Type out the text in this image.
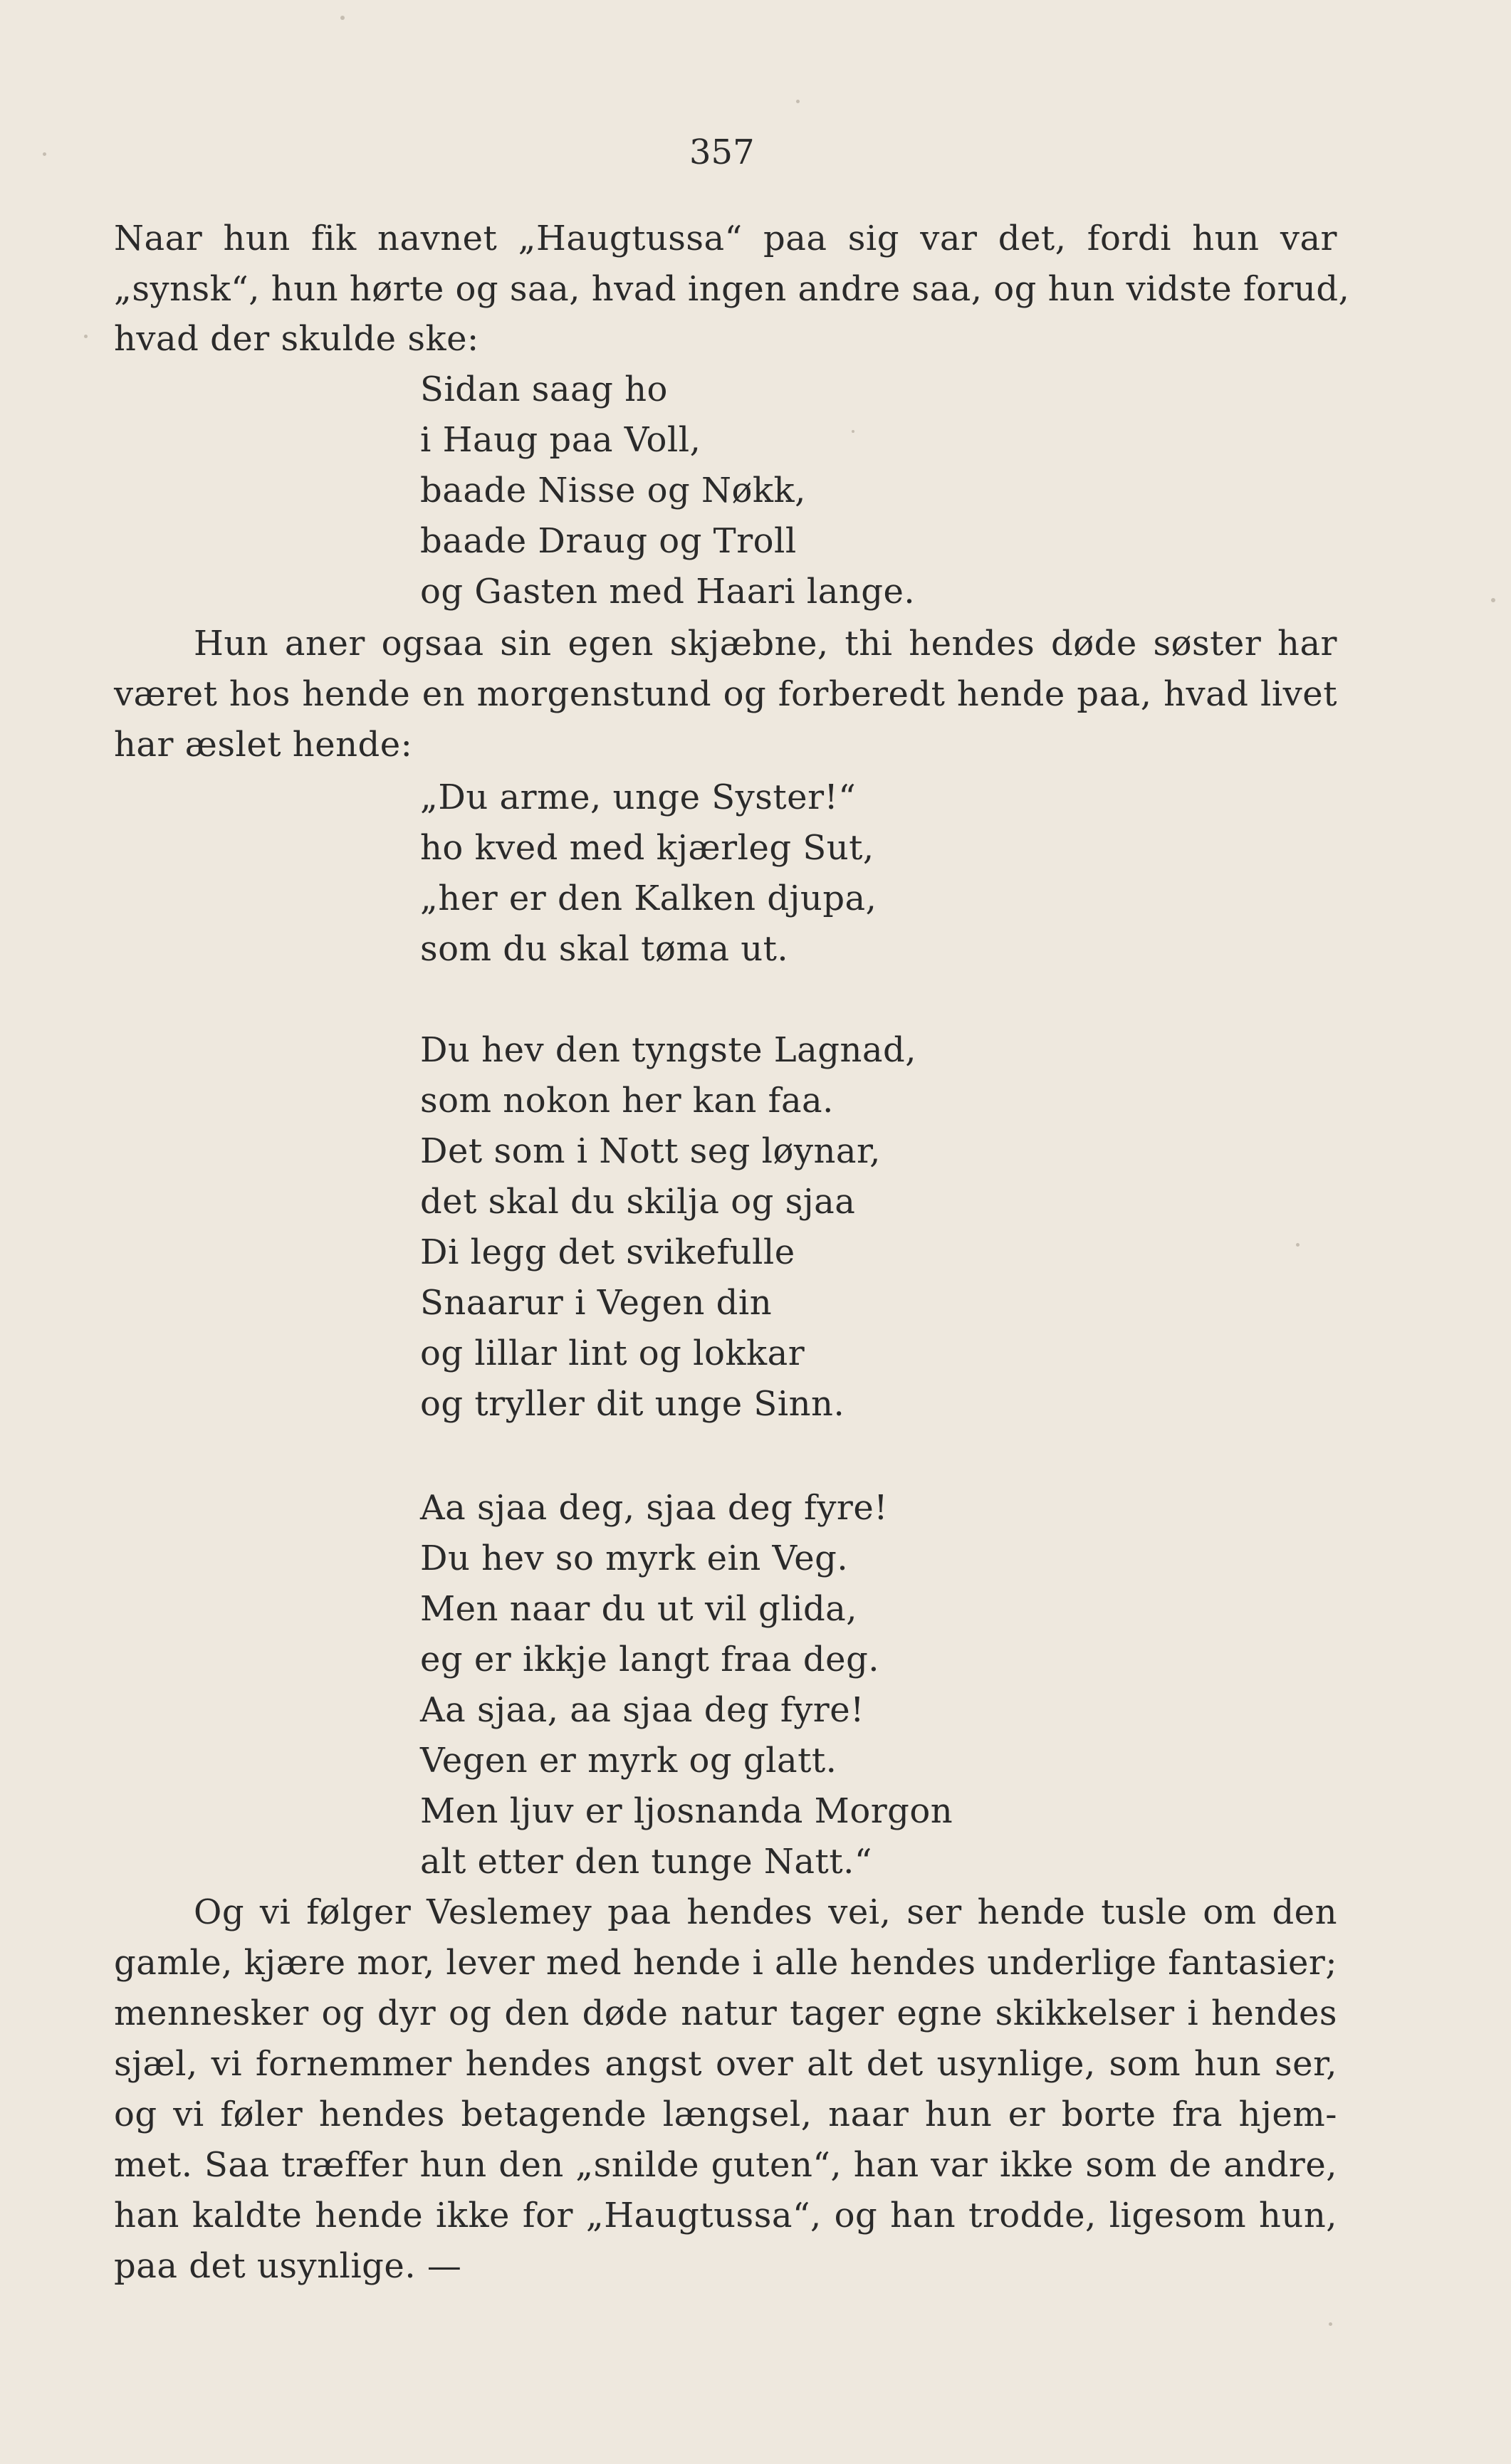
357
Naar hun fik navnet „Haugtussa“ paa sig var det, fordi hun var
„synsk“, hun hørte og saa, hvad ingen andre saa, og hun vidste forud,
hvad der skulde ske:
Sidan saag ho
i Haug paa Voll,
baade Nisse og Nøkk,
baade Draug og Troll
og Gasten med Haari lange.
Hun aner ogsaa sin egen skjæbne, thi hendes døde søster har
været hos hende en morgenstund og forberedt hende paa, hvad livet
har æslet hende:
„Du arme, unge Syster!“
ho kved med kjærleg Sut,
„her er den Kalken djupa,
som du skal tøma ut.
Du hev den tyngste Lagnad,
som nokon her kan faa.
Det som i Nott seg løynar,
det skal du skilja og sjaa
Di legg det svikefulle
Snaarur i Vegen din
og lillar lint og lokkar
og tryller dit unge Sinn.
Aa sjaa deg, sjaa deg fyre!
Du hev so myrk ein Veg.
Men naar du ut vil glida,
eg er ikkje langt fraa deg.
Aa sjaa, aa sjaa deg fyre!
Vegen er myrk og glatt.
Men ljuv er ljosnanda Morgon
alt etter den tunge Natt.“
Og vi følger Veslemey paa hendes vei, ser hende tusle om den
gamle, kjære mor, lever med hende i alle hendes underlige fantasier;
mennesker og dyr og den døde natur tager egne skikkelser i hendes
sjæl, vi fornemmer hendes angst over alt det usynlige, som hun ser,
og vi føler hendes betagende længsel, naar hun er borte fra hjem-
met. Saa træffer hun den „snilde guten“, han var ikke som de andre,
han kaldte hende ikke for „Haugtussa“, og han trodde, ligesom hun,
paa det usynlige. —
